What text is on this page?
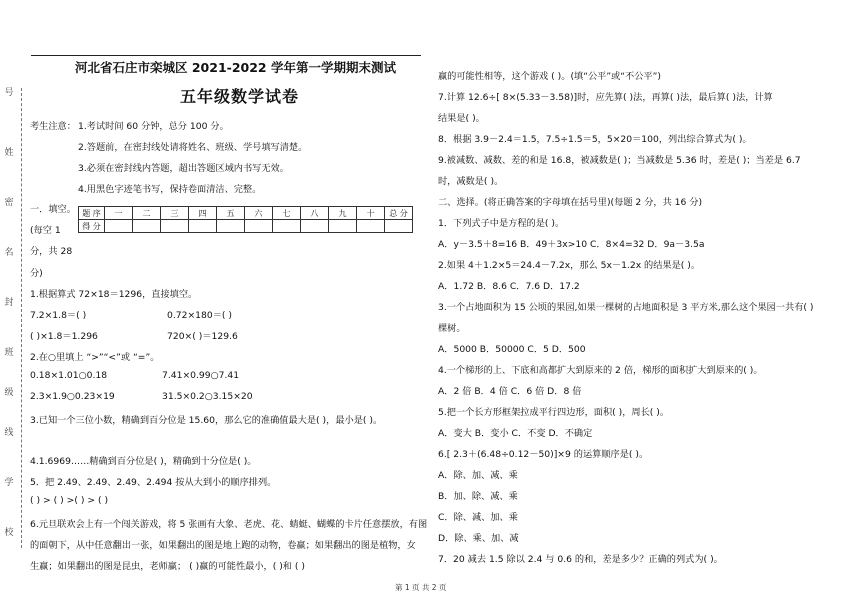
号
姓
密
名
封
班
级
线
学
校
河北省石庄市栾城区 2021-2022 学年第一学期期末测试
五年级数学试卷
考生注意： 1.考试时间 60 分钟，总分 100 分。
2.答题前，在密封线处请将姓名、班级、学号填写清楚。
3.必须在密封线内答题，超出答题区域内书写无效。
4.用黑色字迹笔书写，保持卷面清洁、完整。
一．填空。
(每空 1
分，共 28
分)
题 序	一	二	三	四	五	六	七	八	九	十	总 分
得 分											
1.根据算式 72×18＝1296，直接填空。
7.2×1.8＝( )	0.72×180＝( )
( )×1.8＝1.296	720×( )＝129.6
2.在○里填上 “>”“<”或 “=”。
0.18×1.01○0.18	7.41×0.99○7.41
2.3×1.9○0.23×19	31.5×0.2○3.15×20
3.已知一个三位小数，精确到百分位是 15.60，那么它的准确值最大是( )，最小是( )。
4.1.6969……精确到百分位是( )，精确到十分位是( )。
5．把 2.49、2.49、2.49、2.494 按从大到小的顺序排列。
( ) > ( ) >( ) > ( )
6.元旦联欢会上有一个闯关游戏，将 5 张画有大象、老虎、花、蜻蜓、蝴蝶的卡片任意摆放，有图
的面朝下，从中任意翻出一张，如果翻出的图是地上跑的动物，卷赢；如果翻出的图是植物，女
生赢；如果翻出的图是昆虫，老师赢； ( )赢的可能性最小，( )和 ( )
赢的可能性相等，这个游戏 ( )。(填“公平”或“不公平”)
7.计算 12.6÷[ 8×(5.33－3.58)]时，应先算( )法，再算( )法，最后算( )法，计算
结果是( )。
8．根据 3.9－2.4＝1.5，7.5÷1.5＝5，5×20＝100，列出综合算式为( )。
9.被减数、减数、差的和是 16.8，被减数是( )；当减数是 5.36 时，差是( )；当差是 6.7
时，减数是( )。
二、选择。(将正确答案的字母填在括号里)(每题 2 分，共 16 分)
1．下列式子中是方程的是( )。
A．y－3.5＋8=16 B．49＋3x>10 C．8×4=32 D．9a－3.5a
2.如果 4＋1.2×5＝24.4－7.2x，那么 5x－1.2x 的结果是( )。
A．1.72 B．8.6 C．7.6 D．17.2
3.一个占地面积为 15 公顷的果园,如果一棵树的占地面积是 3 平方米,那么这个果园一共有( )
棵树。
A．5000 B．50000 C．5 D．500
4.一个梯形的上、下底和高都扩大到原来的 2 倍，梯形的面积扩大到原来的( )。
A．2 倍 B．4 倍 C．6 倍 D．8 倍
5.把一个长方形框架拉成平行四边形，面积( )，周长( )。
A．变大 B．变小 C．不变 D．不确定
6.[ 2.3＋(6.48÷0.12－50)]×9 的运算顺序是( )。
A．除、加、减、乘
B．加、除、减、乘
C．除、减、加、乘
D．除、乘、加、减
7．20 减去 1.5 除以 2.4 与 0.6 的和，差是多少？正确的列式为( )。
第 1 页 共 2 页
